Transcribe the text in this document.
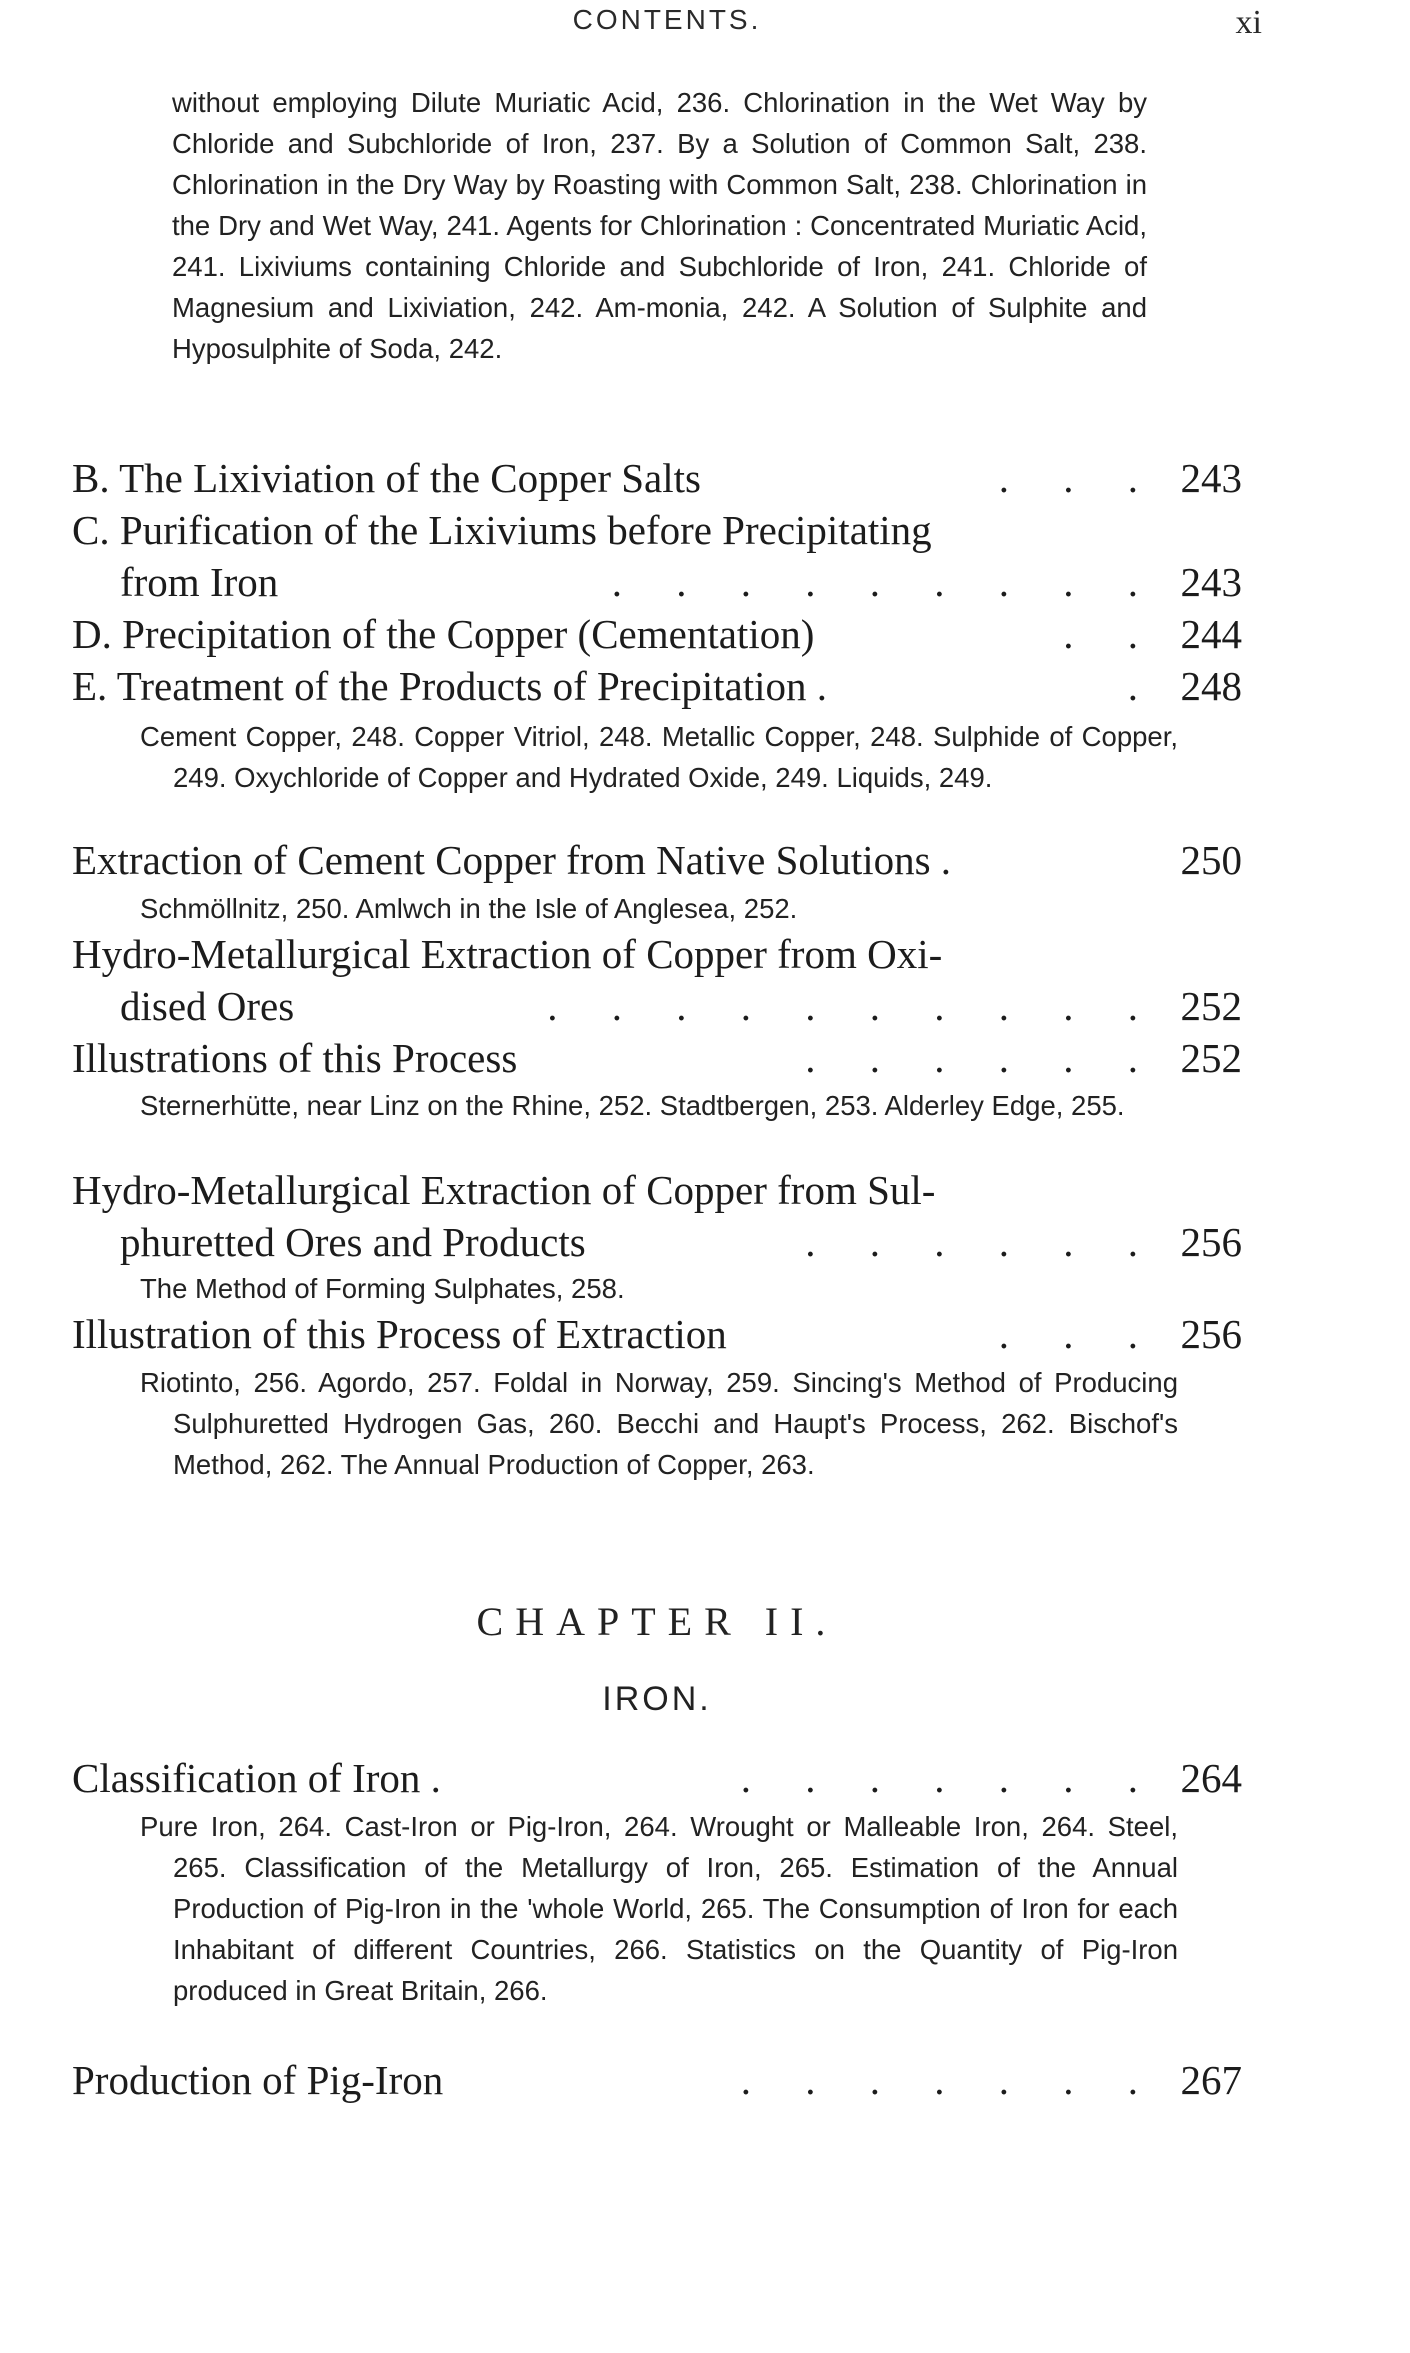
CONTENTS.	xi
without employing Dilute Muriatic Acid, 236. Chlorination in the Wet Way by Chloride and Subchloride of Iron, 237. By a Solution of Common Salt, 238. Chlorination in the Dry Way by Roasting with Common Salt, 238. Chlorination in the Dry and Wet Way, 241. Agents for Chlorination : Concentrated Muriatic Acid, 241. Lixiviums containing Chloride and Subchloride of Iron, 241. Chloride of Magnesium and Lixiviation, 242. Am-monia, 242. A Solution of Sulphite and Hyposulphite of Soda, 242.
B. The Lixiviation of the Copper Salts	. . . 243
C. Purification of the Lixiviums before Precipitating
from Iron	. . . . . . . . . 243
D. Precipitation of the Copper (Cementation)	. . 244
E. Treatment of the Products of Precipitation .	. 248
Cement Copper, 248. Copper Vitriol, 248. Metallic Copper, 248. Sulphide of Copper, 249. Oxychloride of Copper and Hydrated Oxide, 249. Liquids, 249.
Extraction of Cement Copper from Native Solutions .	250
Schmöllnitz, 250. Amlwch in the Isle of Anglesea, 252.
Hydro-Metallurgical Extraction of Copper from Oxi-
dised Ores	. . . . . . . . . . 252
Illustrations of this Process	. . . . . . 252
Sternerhütte, near Linz on the Rhine, 252. Stadtbergen, 253. Alderley Edge, 255.
Hydro-Metallurgical Extraction of Copper from Sul-
phuretted Ores and Products	. . . . . . 256
The Method of Forming Sulphates, 258.
Illustration of this Process of Extraction	. . . 256
Riotinto, 256. Agordo, 257. Foldal in Norway, 259. Sincing's Method of Producing Sulphuretted Hydrogen Gas, 260. Becchi and Haupt's Process, 262. Bischof's Method, 262. The Annual Production of Copper, 263.
CHAPTER II.
IRON.
Classification of Iron .	. . . . . . . 264
Pure Iron, 264. Cast-Iron or Pig-Iron, 264. Wrought or Malleable Iron, 264. Steel, 265. Classification of the Metallurgy of Iron, 265. Estimation of the Annual Production of Pig-Iron in the 'whole World, 265. The Consumption of Iron for each Inhabitant of different Countries, 266. Statistics on the Quantity of Pig-Iron produced in Great Britain, 266.
Production of Pig-Iron	. . . . . . . 267
